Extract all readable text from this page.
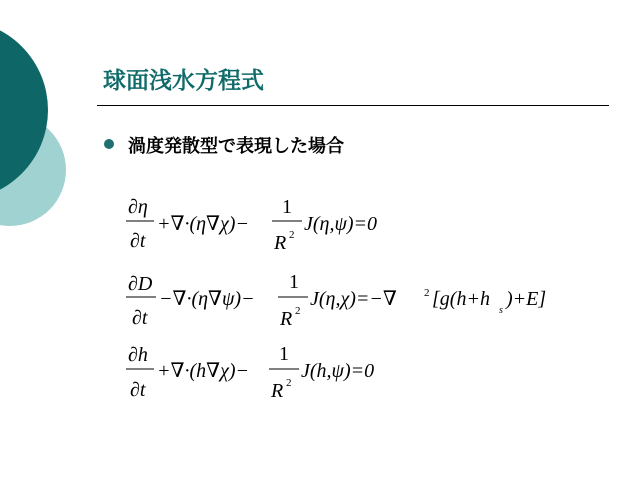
球面浅水方程式
渦度発散型で表現した場合
∂η
∂t
+∇·(η∇χ)−
1
R 2 J(η,ψ)=0
∂D
∂t
−∇·(η∇ψ)−
1
R 2
J(η,χ)=−∇ 2 [g(h+h
s
)+E]
∂h
∂t
+∇·(h∇χ)−
1
R 2
J(h,ψ)=0
